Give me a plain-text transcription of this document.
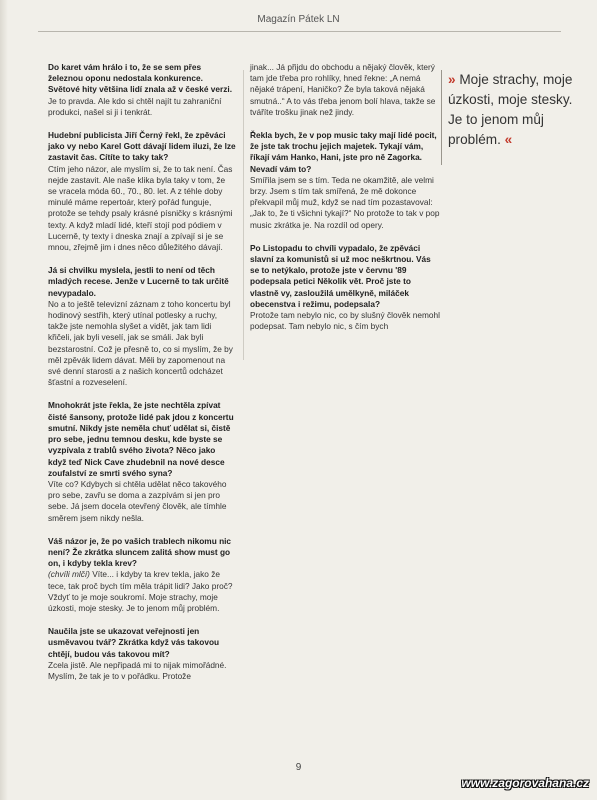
Magazín Pátek LN

Do karet vám hrálo i to, že se sem přes železnou oponu nedostala konkurence. Světové hity většina lidí znala až v české verzi.

Je to pravda. Ale kdo si chtěl najít tu zahraniční produkci, našel si ji i tenkrát.

Hudební publicista Jiří Černý řekl, že zpěváci jako vy nebo Karel Gott dávají lidem iluzi, že lze zastavit čas. Cítíte to taky tak?

Ctím jeho názor, ale myslím si, že to tak není. Čas nejde zastavit. Ale naše klika byla taky v tom, že se vracela móda 60., 70., 80. let. A z téhle doby minulé máme repertoár, který pořád funguje, protože se tehdy psaly krásné písničky s krásnými texty. A když mladí lidé, kteří stojí pod pódiem v Lucerně, ty texty i dneska znají a zpívají si je se mnou, zřejmě jim i dnes něco důležitého dávají.

Já si chvilku myslela, jestli to není od těch mladých recese. Jenže v Lucerně to tak určitě nevypadalo.

No a to ještě televizní záznam z toho koncertu byl hodinový sestřih, který utínal potlesky a ruchy, takže jste nemohla slyšet a vidět, jak tam lidi křičeli, jak byli veselí, jak se smáli. Jak byli bezstarostní. Což je přesně to, co si myslím, že by měl zpěvák lidem dávat. Měli by zapomenout na své denní starosti a z našich koncertů odcházet šťastní a rozveselení.

Mnohokrát jste řekla, že jste nechtěla zpívat čisté šansony, protože lidé pak jdou z koncertu smutní. Nikdy jste neměla chuť udělat si, čistě pro sebe, jednu temnou desku, kde byste se vyzpívala z trablů svého života? Něco jako když teď Nick Cave zhudebnil na nové desce zoufalství ze smrti svého syna?

Víte co? Kdybych si chtěla udělat něco takového pro sebe, zavřu se doma a zazpívám si jen pro sebe. Já jsem docela otevřený člověk, ale tímhle směrem jsem nikdy nešla.

Váš názor je, že po vašich trablech nikomu nic není? Že zkrátka sluncem zalitá show must go on, i kdyby tekla krev?

(chvíli mlčí) Víte... i kdyby ta krev tekla, jako že tece, tak proč bych tím měla trápit lidi? Jako proč? Vždyť to je moje soukromí. Moje strachy, moje úzkosti, moje stesky. Je to jenom můj problém.

Naučila jste se ukazovat veřejnosti jen usměvavou tvář? Zkrátka když vás takovou chtějí, budou vás takovou mít?

Zcela jistě. Ale nepřipadá mi to nijak mimořádné. Myslím, že tak je to v pořádku. Protože

jinak... Já přijdu do obchodu a nějaký člověk, který tam jde třeba pro rohlíky, hned řekne: „A nemá nějaké trápení, Haničko? Že byla taková nějaká smutná..“ A to vás třeba jenom bolí hlava, takže se tváříte trošku jinak než jindy.

Řekla bych, že v pop music taky mají lidé pocit, že jste tak trochu jejich majetek. Tykají vám, říkají vám Hanko, Hani, jste pro ně Zagorka. Nevadí vám to?

Smířila jsem se s tím. Teda ne okamžitě, ale velmi brzy. Jsem s tím tak smířená, že mě dokonce překvapil můj muž, když se nad tím pozastavoval: „Jak to, že ti všichni tykají?“ No protože to tak v pop music zkrátka je. Na rozdíl od opery.

Po Listopadu to chvíli vypadalo, že zpěváci slavní za komunistů si už moc neškrtnou. Vás se to netýkalo, protože jste v červnu '89 podepsala petici Několik vět. Proč jste to vlastně vy, zasloužilá umělkyně, miláček obecenstva i režimu, podepsala?

Protože tam nebylo nic, co by slušný člověk nemohl podepsat. Tam nebylo nic, s čím bych

» Moje strachy, moje úzkosti, moje stesky. Je to jenom můj problém. «
9
www.zagorovahana.cz
